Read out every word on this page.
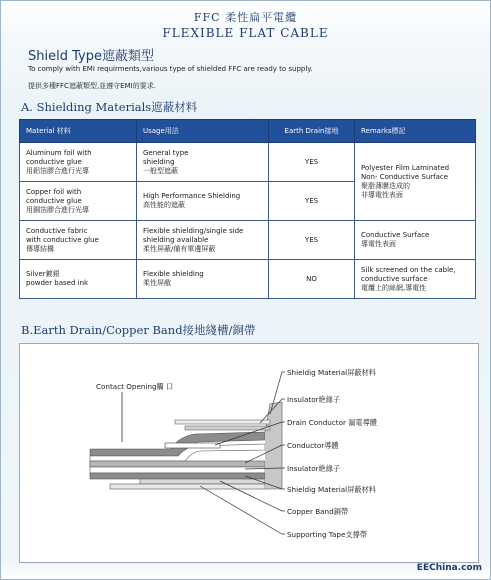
FFC 柔性扁平電纜
FLEXIBLE FLAT CABLE
Shield Type遮蔽類型
To comply with EMI requirments,various type of shielded FFC are ready to supply.
提供多種FFC遮蔽類型,並遵守EMI的要求.
A. Shielding Materials遮蔽材料
Material 材料	Usage用法	Earth Drain接地	Remarks標記
Aluminum foil with
conductive glue
用鋁箔膠合進行光導	General type
shielding
一般型遮蔽	YES	Polyester Film Laminated
Non- Conductive Surface
聚脂薄膜迭成的
非導電性表面
Copper foil with
conductive glue
用銅箔膠合進行光導	High Performance Shielding
高性能的遮蔽	YES	
Conductive fabric
with conductive glue
傳導結構	Flexible shielding/single side
shielding available
柔性屏蔽/備有單邊屏蔽	YES	Conductive Surface
導電性表面
Silver鍍銀
powder based ink	Flexible shielding
柔性屏敝	NO	Silk screened on the cable,
conductive surface
電纜上的絲網,導電性
B.Earth Drain/Copper Band接地綫槽/銅帶
Contact Opening觸 口
Shieldig Material屏蔽材料
Insulator絶緣子
Drain Conductor 漏電導體
Conductor導體
Insulator絶緣子
Shieldig Material屏蔽材料
Copper Band銅帶
Supporting Tape支撐帶
EEChina.com
